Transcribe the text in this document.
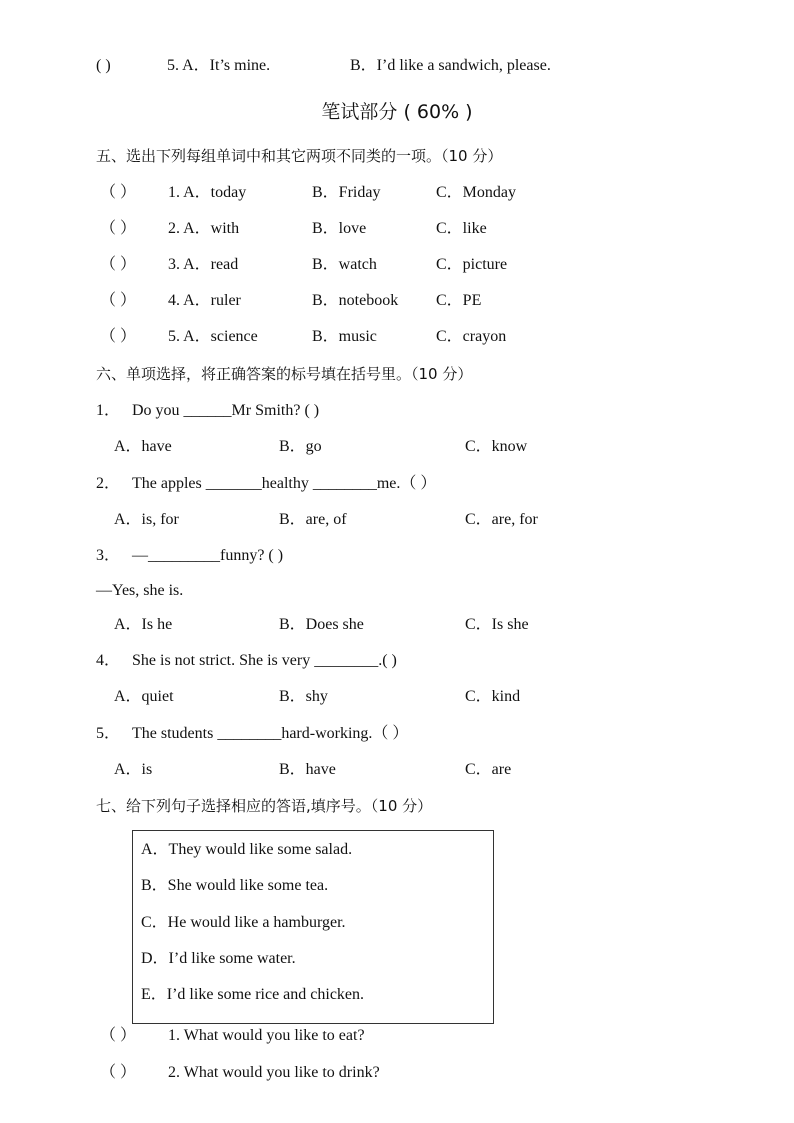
( )	5. A．It’s mine.	B．I’d like a sandwich, please.
笔试部分 ( 60% )
五、选出下列每组单词中和其它两项不同类的一项。（10 分）
（ ） 1. A．today	B．Friday	C．Monday
（ ） 2. A．with	B．love	C．like
（ ） 3. A．read	B．watch	C．picture
（ ） 4. A．ruler	B．notebook C．PE
（ ） 5. A．science	B．music	C．crayon
六、单项选择，将正确答案的标号填在括号里。（10 分）
1． Do you ______Mr Smith? ( )
A．have	B．go	C．know
2． The apples _______healthy ________me.（ ）
A．is, for	B．are, of	C．are, for
3． —_________funny? ( )
—Yes, she is.
A．Is he	B．Does she	C．Is she
4． She is not strict. She is very ________.( )
A．quiet	B．shy	C．kind
5． The students ________hard-working.（ ）
A．is	B．have	C．are
七、给下列句子选择相应的答语,填序号。（10 分）
A．They would like some salad.
B．She would like some tea.
C．He would like a hamburger.
D．I’d like some water.
E．I’d like some rice and chicken.
（ ） 1. What would you like to eat?
（ ） 2. What would you like to drink?
